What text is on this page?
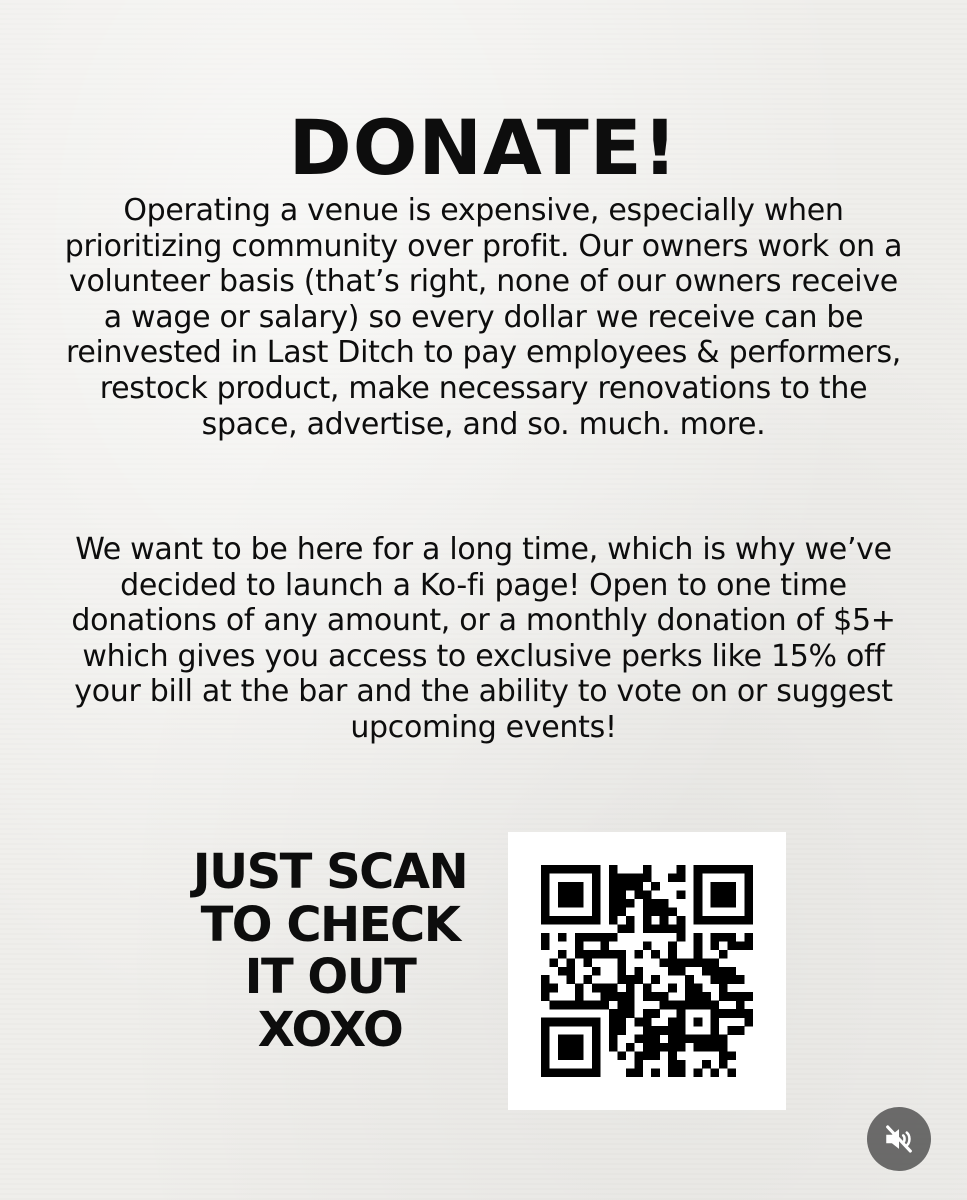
DONATE!

Operating a venue is expensive, especially when prioritizing community over profit. Our owners work on a volunteer basis (that’s right, none of our owners receive a wage or salary) so every dollar we receive can be reinvested in Last Ditch to pay employees & performers, restock product, make necessary renovations to the space, advertise, and so. much. more.

We want to be here for a long time, which is why we’ve decided to launch a Ko-fi page! Open to one time donations of any amount, or a monthly donation of $5+ which gives you access to exclusive perks like 15% off your bill at the bar and the ability to vote on or suggest upcoming events!

JUST SCAN TO CHECK IT OUT XOXO
